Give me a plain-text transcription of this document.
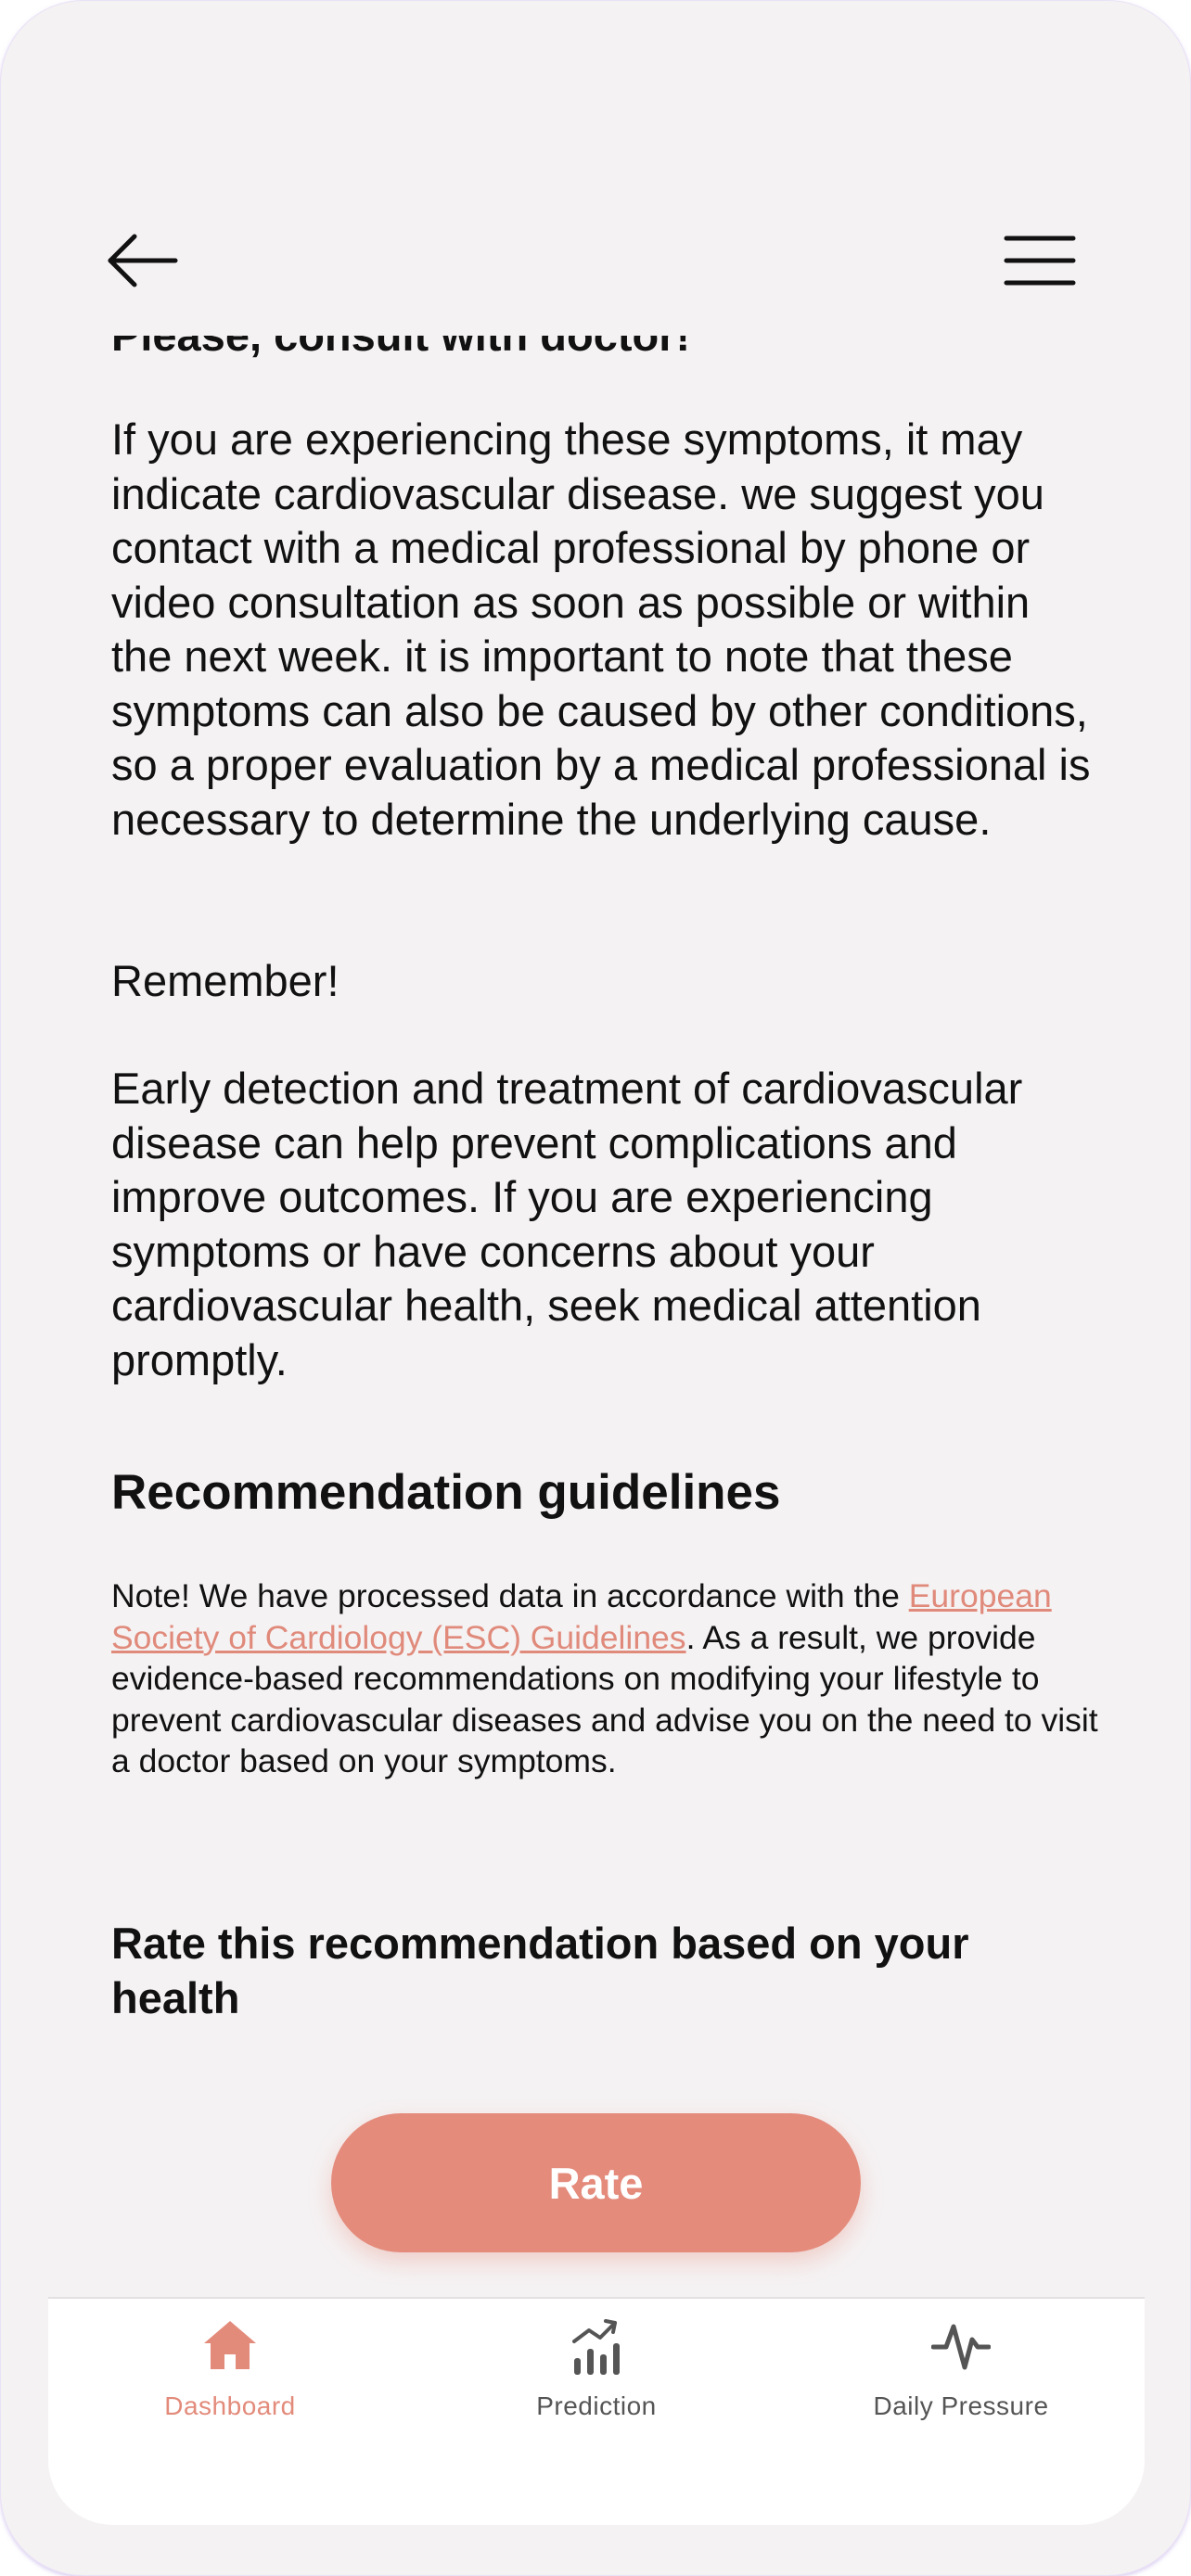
If you are experiencing these symptoms, it may indicate cardiovascular disease. we suggest you contact with a medical professional by phone or video consultation as soon as possible or within the next week. it is important to note that these symptoms can also be caused by other conditions, so a proper evaluation by a medical professional is necessary to determine the underlying cause.

Remember!

Early detection and treatment of cardiovascular disease can help prevent complications and improve outcomes. If you are experiencing symptoms or have concerns about your cardiovascular health, seek medical attention promptly.

Recommendation guidelines

Note! We have processed data in accordance with the European Society of Cardiology (ESC) Guidelines. As a result, we provide evidence-based recommendations on modifying your lifestyle to prevent cardiovascular diseases and advise you on the need to visit a doctor based on your symptoms.

Rate this recommendation based on your health
Rate
Dashboard	Prediction	Daily Pressure
